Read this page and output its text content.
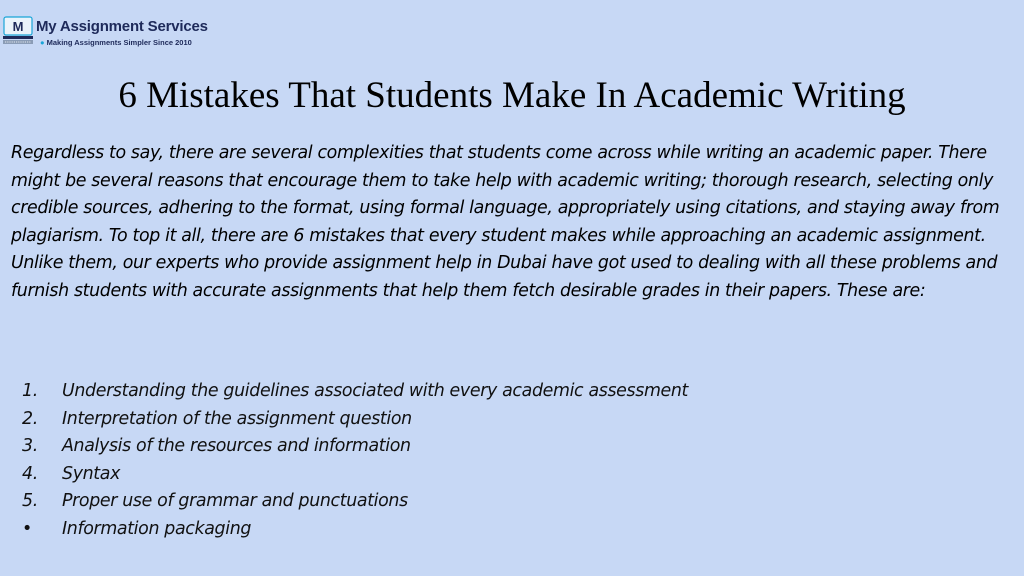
M My Assignment Services
● Making Assignments Simpler Since 2010
6 Mistakes That Students Make In Academic Writing

Regardless to say, there are several complexities that students come across while writing an academic paper. There might be several reasons that encourage them to take help with academic writing; thorough research, selecting only credible sources, adhering to the format, using formal language, appropriately using citations, and staying away from plagiarism. To top it all, there are 6 mistakes that every student makes while approaching an academic assignment. Unlike them, our experts who provide assignment help in Dubai have got used to dealing with all these problems and furnish students with accurate assignments that help them fetch desirable grades in their papers. These are:

1.	Understanding the guidelines associated with every academic assessment
2.	Interpretation of the assignment question
3.	Analysis of the resources and information
4.	Syntax
5.	Proper use of grammar and punctuations
•	Information packaging
